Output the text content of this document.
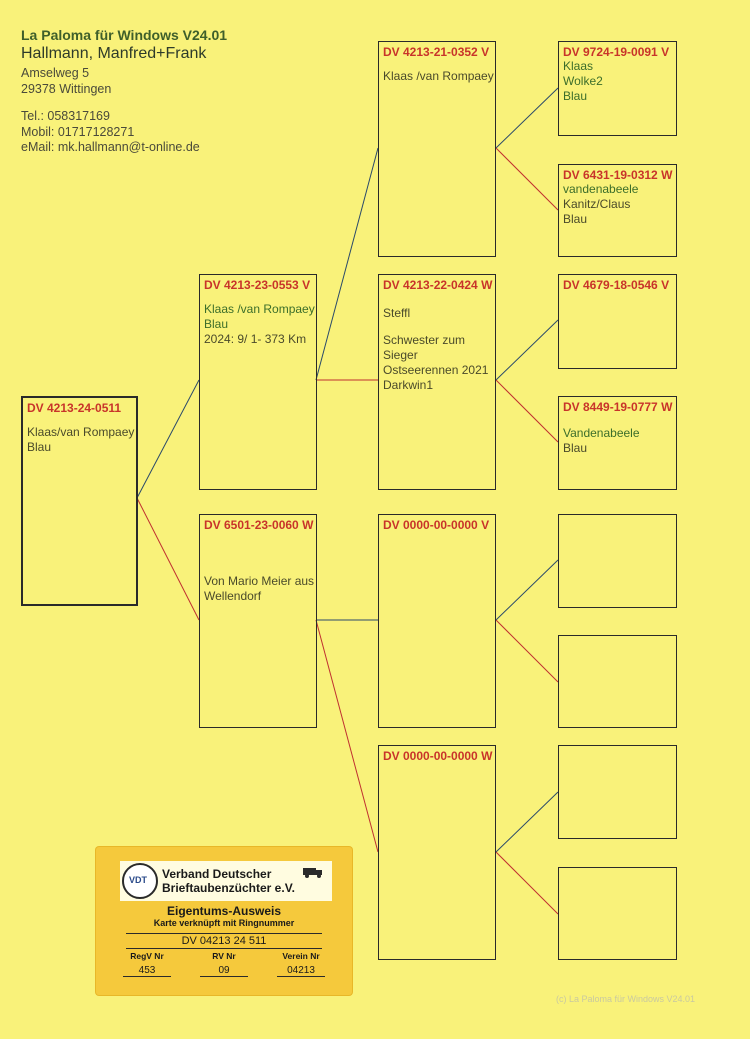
La Paloma für Windows V24.01
Hallmann, Manfred+Frank
Amselweg 5
29378 Wittingen
Tel.: 058317169
Mobil: 01717128271
eMail: mk.hallmann@t-online.de
DV 4213-24-0511
Klaas/van Rompaey
Blau
DV 4213-23-0553 V
Klaas /van Rompaey
Blau
2024: 9/ 1- 373 Km
DV 6501-23-0060 W
Von Mario Meier aus
Wellendorf
DV 4213-21-0352 V
Klaas /van Rompaey
DV 4213-22-0424 W
Steffl
Schwester zum
Sieger
Ostseerennen 2021
Darkwin1
DV 0000-00-0000 V
DV 0000-00-0000 W
DV 9724-19-0091 V
Klaas
Wolke2
Blau
DV 6431-19-0312 W
vandenabeele
Kanitz/Claus
Blau
DV 4679-18-0546 V
DV 8449-19-0777 W
Vandenabeele
Blau
VDT
Verband Deutscher
Brieftaubenzüchter e.V.
Eigentums-Ausweis
Karte verknüpft mit Ringnummer
DV 04213 24 511
RegV Nr	RV Nr	Verein Nr
453	09	04213
(c) La Paloma für Windows V24.01
